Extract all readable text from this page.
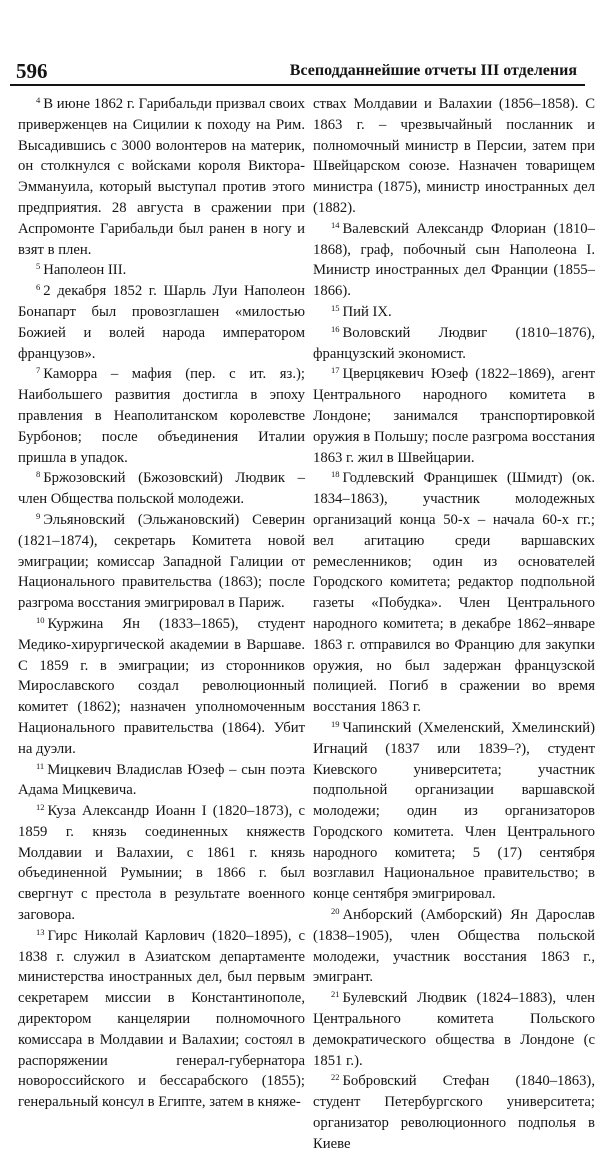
596	Всеподданнейшие отчеты III отделения

$^4$ В июне 1862 г. Гарибальди призвал своих приверженцев на Сицилии к походу на Рим. Высадившись с 3000 волонтеров на материк, он столкнулся с войсками короля Виктора-Эммануила, который выступал против этого предприятия. 28 августа в сражении при Аспромонте Гарибальди был ранен в ногу и взят в плен.

$^5$ Наполеон III.

$^6$ 2 декабря 1852 г. Шарль Луи Наполеон Бонапарт был провозглашен «милостью Божией и волей народа императором французов».

$^7$ Каморра – мафия (пер. с ит. яз.); Наибольшего развития достигла в эпоху правления в Неаполитанском королевстве Бурбонов; после объединения Италии пришла в упадок.

$^8$ Бржозовский (Бжозовский) Людвик – член Общества польской молодежи.

$^9$ Эльяновский (Эльжановский) Северин (1821–1874), секретарь Комитета новой эмиграции; комиссар Западной Галиции от Национального правительства (1863); после разгрома восстания эмигрировал в Париж.

$^{10}$ Куржина Ян (1833–1865), студент Медико-хирургической академии в Варшаве. С 1859 г. в эмиграции; из сторонников Мирославского создал революционный комитет (1862); назначен уполномоченным Национального правительства (1864). Убит на дуэли.

$^{11}$ Мицкевич Владислав Юзеф – сын поэта Адама Мицкевича.

$^{12}$ Куза Александр Иоанн I (1820–1873), с 1859 г. князь соединенных княжеств Молдавии и Валахии, с 1861 г. князь объединенной Румынии; в 1866 г. был свергнут с престола в результате военного заговора.

$^{13}$ Гирс Николай Карлович (1820–1895), с 1838 г. служил в Азиатском департаменте министерства иностранных дел, был первым секретарем миссии в Константинополе, директором канцелярии полномочного комиссара в Молдавии и Валахии; состоял в распоряжении генерал-губернатора новороссийского и бессарабского (1855); генеральный консул в Египте, затем в княже-

ствах Молдавии и Валахии (1856–1858). С 1863 г. – чрезвычайный посланник и полномочный министр в Персии, затем при Швейцарском союзе. Назначен товарищем министра (1875), министр иностранных дел (1882).

$^{14}$ Валевский Александр Флориан (1810–1868), граф, побочный сын Наполеона I. Министр иностранных дел Франции (1855–1866).

$^{15}$ Пий IX.

$^{16}$ Воловский Людвиг (1810–1876), французский экономист.

$^{17}$ Цверцякевич Юзеф (1822–1869), агент Центрального народного комитета в Лондоне; занимался транспортировкой оружия в Польшу; после разгрома восстания 1863 г. жил в Швейцарии.

$^{18}$ Годлевский Францишек (Шмидт) (ок. 1834–1863), участник молодежных организаций конца 50-х – начала 60-х гг.; вел агитацию среди варшавских ремесленников; один из основателей Городского комитета; редактор подпольной газеты «Побудка». Член Центрального народного комитета; в декабре 1862–январе 1863 г. отправился во Францию для закупки оружия, но был задержан французской полицией. Погиб в сражении во время восстания 1863 г.

$^{19}$ Чапинский (Хмеленский, Хмелинский) Игнаций (1837 или 1839–?), студент Киевского университета; участник подпольной организации варшавской молодежи; один из организаторов Городского комитета. Член Центрального народного комитета; 5 (17) сентября возглавил Национальное правительство; в конце сентября эмигрировал.

$^{20}$ Анборский (Амборский) Ян Дарослав (1838–1905), член Общества польской молодежи, участник восстания 1863 г., эмигрант.

$^{21}$ Булевский Людвик (1824–1883), член Центрального комитета Польского демократического общества в Лондоне (с 1851 г.).

$^{22}$ Бобровский Стефан (1840–1863), студент Петербургского университета; организатор революционного подполья в Киеве
